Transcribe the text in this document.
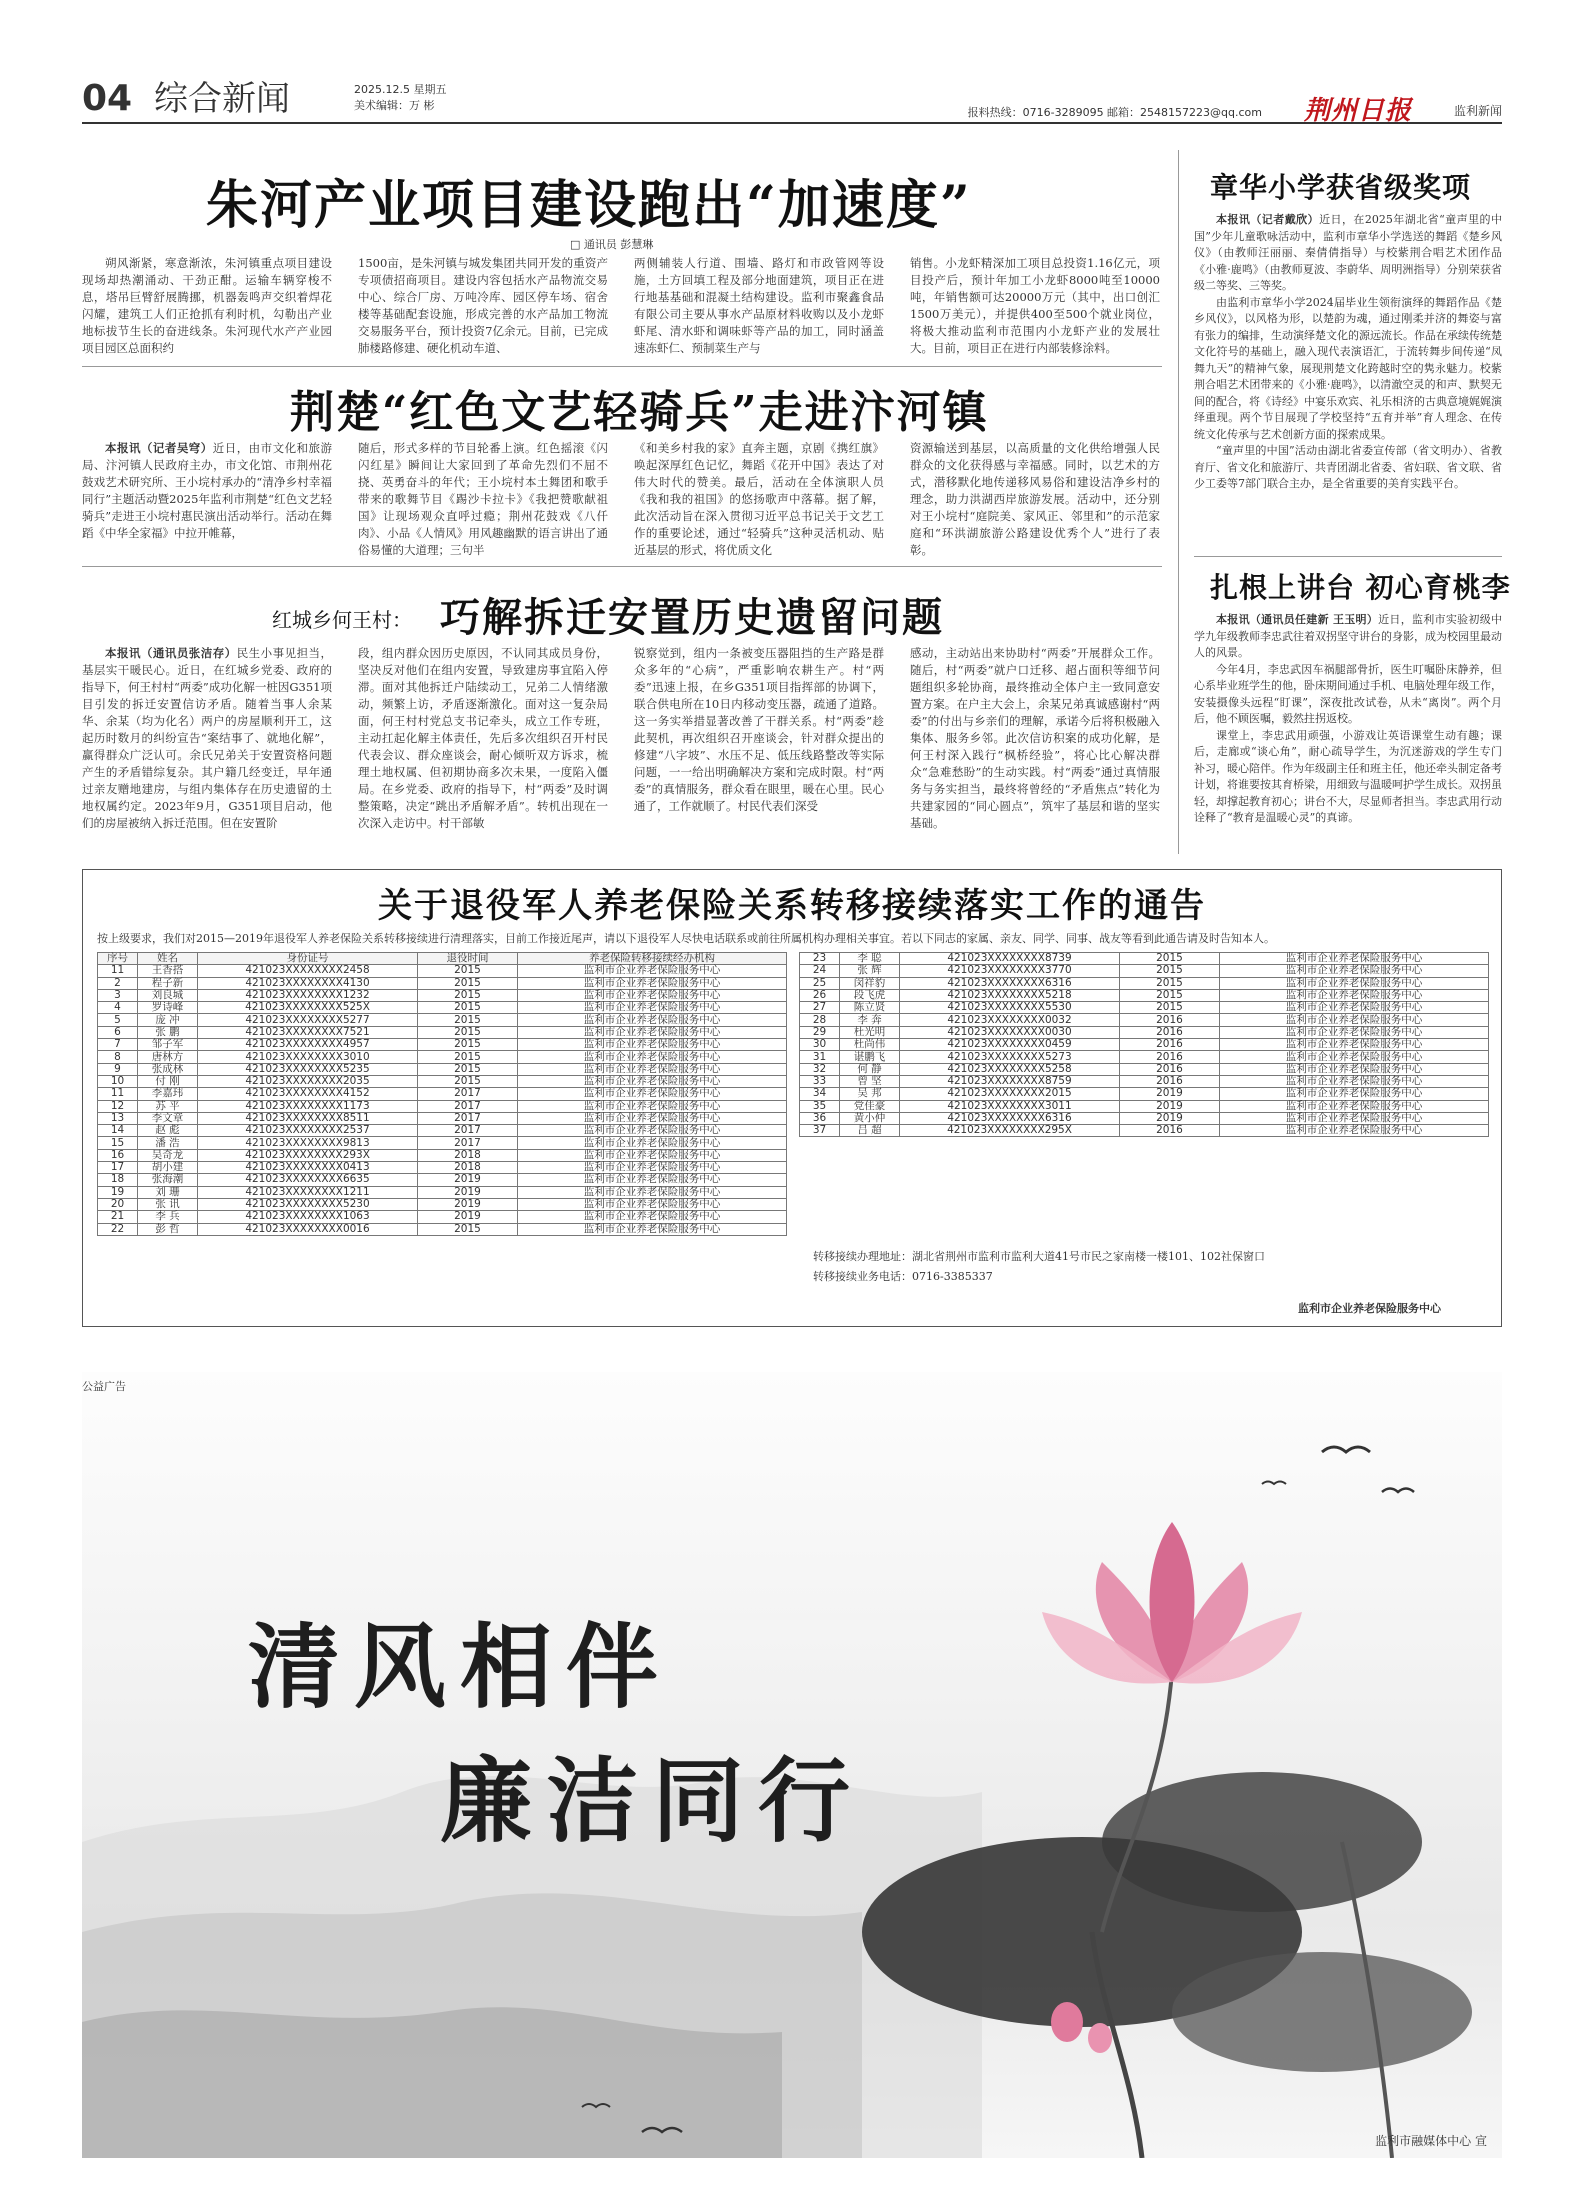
04 综合新闻	2025.12.5 星期五
美术编辑：万 彬
报料热线：0716-3289095 邮箱：2548157223@qq.com 荆州日报	监利新闻
朱河产业项目建设跑出“加速度”
□ 通讯员 彭慧琳

朔风渐紧，寒意渐浓，朱河镇重点项目建设现场却热潮涌动、干劲正酣。运输车辆穿梭不息，塔吊巨臂舒展腾挪，机器轰鸣声交织着焊花闪耀，建筑工人们正抢抓有利时机，勾勒出产业地标拔节生长的奋进线条。朱河现代水产产业园项目园区总面积约

1500亩，是朱河镇与城发集团共同开发的重资产专项债招商项目。建设内容包括水产品物流交易中心、综合厂房、万吨冷库、园区停车场、宿舍楼等基础配套设施，形成完善的水产品加工物流交易服务平台，预计投资7亿余元。目前，已完成肺楼路修建、硬化机动车道、

两侧辅装人行道、围墙、路灯和市政管网等设施，土方回填工程及部分地面建筑，项目正在进行地基基础和混凝土结构建设。监利市聚鑫食品有限公司主要从事水产品原材料收购以及小龙虾虾尾、清水虾和调味虾等产品的加工，同时涵盖速冻虾仁、预制菜生产与

销售。小龙虾精深加工项目总投资1.16亿元，项目投产后，预计年加工小龙虾8000吨至10000吨，年销售额可达20000万元（其中，出口创汇1500万美元），并提供400至500个就业岗位，将极大推动监利市范围内小龙虾产业的发展壮大。目前，项目正在进行内部装修涂料。

荆楚“红色文艺轻骑兵”走进汴河镇

本报讯（记者吴穹）近日，由市文化和旅游局、汴河镇人民政府主办，市文化馆、市荆州花鼓戏艺术研究所、王小垸村承办的“清净乡村幸福同行”主题活动暨2025年监利市荆楚“红色文艺轻骑兵”走进王小垸村惠民演出活动举行。活动在舞蹈《中华全家福》中拉开帷幕，

随后，形式多样的节目轮番上演。红色摇滚《闪闪红星》瞬间让大家回到了革命先烈们不屈不挠、英勇奋斗的年代；王小垸村本土舞团和歌手带来的歌舞节目《踢沙卡拉卡》《我把赞歌献祖国》让现场观众直呼过瘾；荆州花鼓戏《八仟肉》、小品《人情风》用风趣幽默的语言讲出了通俗易懂的大道理；三句半

《和美乡村我的家》直奔主题，京剧《携红旗》唤起深厚红色记忆，舞蹈《花开中国》表达了对伟大时代的赞美。最后，活动在全体演职人员《我和我的祖国》的悠扬歌声中落幕。据了解，此次活动旨在深入贯彻习近平总书记关于文艺工作的重要论述，通过“轻骑兵”这种灵活机动、贴近基层的形式，将优质文化

资源输送到基层，以高质量的文化供给增强人民群众的文化获得感与幸福感。同时，以艺术的方式，潜移默化地传递移风易俗和建设洁净乡村的理念，助力洪湖西岸旅游发展。活动中，还分别对王小垸村“庭院美、家风正、邻里和”的示范家庭和“环洪湖旅游公路建设优秀个人”进行了表彰。

红城乡何王村： 巧解拆迁安置历史遗留问题

本报讯（通讯员张洁存）民生小事见担当，基层实干暖民心。近日，在红城乡党委、政府的指导下，何王村村“两委”成功化解一桩因G351项目引发的拆迁安置信访矛盾。随着当事人余某华、余某（均为化名）两户的房屋顺利开工，这起历时数月的纠纷宣告“案结事了、就地化解”，赢得群众广泛认可。余氏兄弟关于安置资格问题产生的矛盾错综复杂。其户籍几经变迁，早年通过亲友赠地建房，与组内集体存在历史遗留的土地权属约定。2023年9月，G351项目启动，他们的房屋被纳入拆迁范围。但在安置阶

段，组内群众因历史原因，不认同其成员身份，坚决反对他们在组内安置，导致建房事宜陷入停滞。面对其他拆迁户陆续动工，兄弟二人情绪激动，频繁上访，矛盾逐渐激化。面对这一复杂局面，何王村村党总支书记牵头，成立工作专班，主动扛起化解主体责任，先后多次组织召开村民代表会议、群众座谈会，耐心倾听双方诉求，梳理土地权属、但初期协商多次未果，一度陷入僵局。在乡党委、政府的指导下，村“两委”及时调整策略，决定“跳出矛盾解矛盾”。转机出现在一次深入走访中。村干部敏

锐察觉到，组内一条被变压器阻挡的生产路是群众多年的“心病”，严重影响农耕生产。村“两委”迅速上报，在乡G351项目指挥部的协调下，联合供电所在10日内移动变压器，疏通了道路。这一务实举措显著改善了干群关系。村“两委”趁此契机，再次组织召开座谈会，针对群众提出的修建“八字坡”、水压不足、低压线路整改等实际问题，一一给出明确解决方案和完成时限。村“两委”的真情服务，群众看在眼里，暖在心里。民心通了，工作就顺了。村民代表们深受

感动，主动站出来协助村“两委”开展群众工作。随后，村“两委”就户口迁移、超占面积等细节问题组织多轮协商，最终推动全体户主一致同意安置方案。在户主大会上，余某兄弟真诚感谢村“两委”的付出与乡亲们的理解，承诺今后将积极融入集体、服务乡邻。此次信访积案的成功化解，是何王村深入践行“枫桥经验”，将心比心解决群众“急难愁盼”的生动实践。村“两委”通过真情服务与务实担当，最终将曾经的“矛盾焦点”转化为共建家园的“同心圆点”，筑牢了基层和谐的坚实基础。

章华小学获省级奖项

本报讯（记者戴欣）近日，在2025年湖北省“童声里的中国”少年儿童歌咏活动中，监利市章华小学选送的舞蹈《楚乡风仪》（由教师汪丽丽、秦倩倩指导）与校紫荆合唱艺术团作品《小雅·鹿鸣》（由教师夏波、李蔚华、周明洲指导）分别荣获省级二等奖、三等奖。

由监利市章华小学2024届毕业生领衔演绎的舞蹈作品《楚乡风仪》，以风格为形，以楚韵为魂，通过刚柔并济的舞姿与富有张力的编排，生动演绎楚文化的源远流长。作品在承续传统楚文化符号的基础上，融入现代表演语汇，于流转舞步间传递“凤舞九天”的精神气象，展现荆楚文化跨越时空的隽永魅力。校紫荆合唱艺术团带来的《小雅·鹿鸣》，以清澈空灵的和声、默契无间的配合，将《诗经》中宴乐欢宾、礼乐相济的古典意境娓娓演绎重现。两个节目展现了学校坚持“五育并举”育人理念、在传统文化传承与艺术创新方面的探索成果。

“童声里的中国”活动由湖北省委宣传部（省文明办）、省教育厅、省文化和旅游厅、共青团湖北省委、省妇联、省文联、省少工委等7部门联合主办，是全省重要的美育实践平台。

扎根上讲台 初心育桃李

本报讯（通讯员任建新 王玉明）近日，监利市实验初级中学九年级教师李忠武往着双拐坚守讲台的身影，成为校园里最动人的风景。

今年4月，李忠武因车祸腿部骨折，医生叮嘱卧床静养，但心系毕业班学生的他，卧床期间通过手机、电脑处理年级工作，安装摄像头远程“盯课”，深夜批改试卷，从未“离岗”。两个月后，他不顾医嘱，毅然拄拐返校。

课堂上，李忠武用顽强，小游戏让英语课堂生动有趣；课后，走廊或“谈心角”，耐心疏导学生，为沉迷游戏的学生专门补习，暖心陪伴。作为年级副主任和班主任，他还牵头制定备考计划，将谁要按其育桥梁，用细致与温暖呵护学生成长。双拐虽轻，却撑起教育初心；讲台不大，尽显师者担当。李忠武用行动诠释了“教育是温暖心灵”的真谛。

关于退役军人养老保险关系转移接续落实工作的通告
按上级要求，我们对2015—2019年退役军人养老保险关系转移接续进行清理落实，目前工作接近尾声，请以下退役军人尽快电话联系或前往所属机构办理相关事宜。若以下同志的家属、亲友、同学、同事、战友等看到此通告请及时告知本人。
序号	姓名	身份证号	退役时间	养老保险转移接续经办机构
11	王香搭	421023XXXXXXXX2458	2015	监利市企业养老保险服务中心
2	程子新	421023XXXXXXXX4130	2015	监利市企业养老保险服务中心
3	刘良城	421023XXXXXXXX1232	2015	监利市企业养老保险服务中心
4	罗诗峰	421023XXXXXXXX525X	2015	监利市企业养老保险服务中心
5	庞 冲	421023XXXXXXXX5277	2015	监利市企业养老保险服务中心
6	张 鹏	421023XXXXXXXX7521	2015	监利市企业养老保险服务中心
7	邹子军	421023XXXXXXXX4957	2015	监利市企业养老保险服务中心
8	唐林方	421023XXXXXXXX3010	2015	监利市企业养老保险服务中心
9	张成林	421023XXXXXXXX5235	2015	监利市企业养老保险服务中心
10	付 刚	421023XXXXXXXX2035	2015	监利市企业养老保险服务中心
11	李嘉玮	421023XXXXXXXX4152	2017	监利市企业养老保险服务中心
12	苏 平	421023XXXXXXXX1173	2017	监利市企业养老保险服务中心
13	李文章	421023XXXXXXXX8511	2017	监利市企业养老保险服务中心
14	赵 彪	421023XXXXXXXX2537	2017	监利市企业养老保险服务中心
15	潘 浩	421023XXXXXXXX9813	2017	监利市企业养老保险服务中心
16	吴奇龙	421023XXXXXXXX293X	2018	监利市企业养老保险服务中心
17	胡小建	421023XXXXXXXX0413	2018	监利市企业养老保险服务中心
18	张海潮	421023XXXXXXXX6635	2019	监利市企业养老保险服务中心
19	刘 珊	421023XXXXXXXX1211	2019	监利市企业养老保险服务中心
20	张 讯	421023XXXXXXXX5230	2019	监利市企业养老保险服务中心
21	李 兵	421023XXXXXXXX1063	2019	监利市企业养老保险服务中心
22	彭 哲	421023XXXXXXXX0016	2015	监利市企业养老保险服务中心
23	李 聪	421023XXXXXXXX8739	2015	监利市企业养老保险服务中心
24	张 辉	421023XXXXXXXX3770	2015	监利市企业养老保险服务中心
25	闵祥豹	421023XXXXXXXX6316	2015	监利市企业养老保险服务中心
26	段飞虎	421023XXXXXXXX5218	2015	监利市企业养老保险服务中心
27	陈立贤	421023XXXXXXXX5530	2015	监利市企业养老保险服务中心
28	李 奔	421023XXXXXXXX0032	2016	监利市企业养老保险服务中心
29	杜光明	421023XXXXXXXX0030	2016	监利市企业养老保险服务中心
30	杜尚伟	421023XXXXXXXX0459	2016	监利市企业养老保险服务中心
31	谌鹏飞	421023XXXXXXXX5273	2016	监利市企业养老保险服务中心
32	何 静	421023XXXXXXXX5258	2016	监利市企业养老保险服务中心
33	曾 坚	421023XXXXXXXX8759	2016	监利市企业养老保险服务中心
34	吴 邦	421023XXXXXXXX2015	2019	监利市企业养老保险服务中心
35	党佳豪	421023XXXXXXXX3011	2019	监利市企业养老保险服务中心
36	黄小仲	421023XXXXXXXX6316	2019	监利市企业养老保险服务中心
37	吕 超	421023XXXXXXXX295X	2016	监利市企业养老保险服务中心
转移接续办理地址：湖北省荆州市监利市监利大道41号市民之家南楼一楼101、102社保窗口
转移接续业务电话：0716-3385337
监利市企业养老保险服务中心
公益广告
清风相伴
廉洁同行
监利市融媒体中心 宣
